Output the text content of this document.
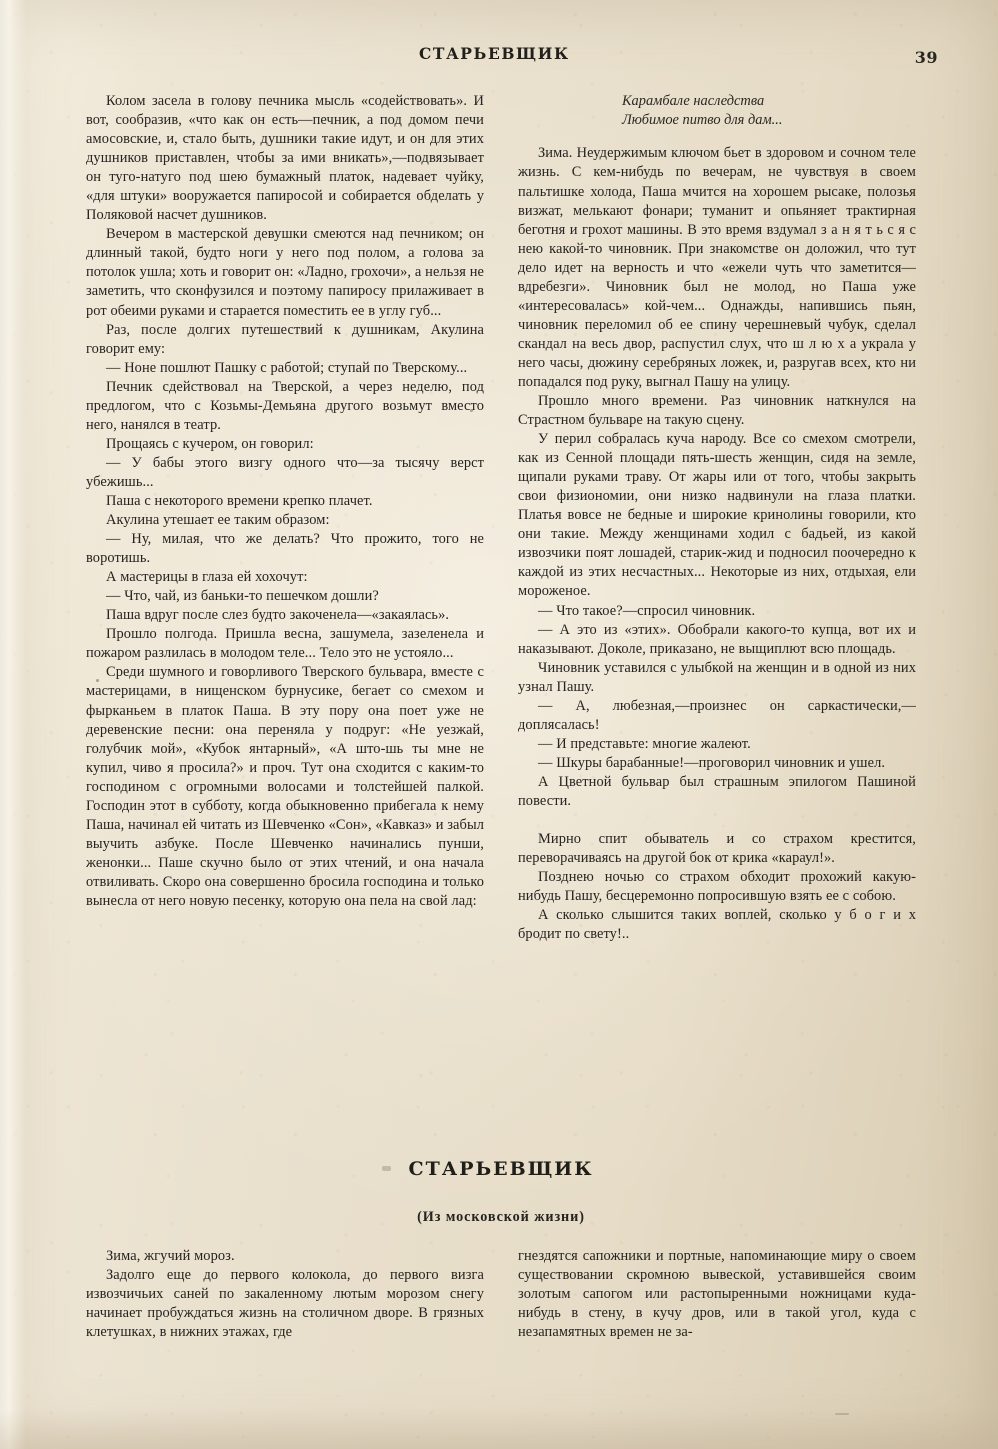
СТАРЬЕВЩИК	39

Колом засела в голову печника мысль «содействовать». И вот, сообразив, «что как он есть—печник, а под домом печи амосовские, и, стало быть, душники такие идут, и он для этих душников приставлен, чтобы за ими вникать»,—подвязывает он туго-натуго под шею бумажный платок, надевает чуйку, «для штуки» вооружается папиросой и собирается обделать у Поляковой насчет душников.

Вечером в мастерской девушки смеются над печником; он длинный такой, будто ноги у него под полом, а голова за потолок ушла; хоть и говорит он: «Ладно, грохочи», а нельзя не заметить, что сконфузился и поэтому папиросу прилаживает в рот обеими руками и старается поместить ее в углу губ...

Раз, после долгих путешествий к душникам, Акулина говорит ему:

— Ноне пошлют Пашку с работой; ступай по Тверскому...

Печник сдействовал на Тверской, а через неделю, под предлогом, что с Козьмы-Демьяна другого возьмут вместо него, нанялся в театр.

Прощаясь с кучером, он говорил:

— У бабы этого визгу одного что—за тысячу верст убежишь...

Паша с некоторого времени крепко плачет.

Акулина утешает ее таким образом:

— Ну, милая, что же делать? Что прожито, того не воротишь.

А мастерицы в глаза ей хохочут:

— Что, чай, из баньки-то пешечком дошли?

Паша вдруг после слез будто закоченела—«закаялась».

Прошло полгода. Пришла весна, зашумела, зазеленела и пожаром разлилась в молодом теле... Тело это не устояло...

Среди шумного и говорливого Тверского бульвара, вместе с мастерицами, в нищенском бурнусике, бегает со смехом и фырканьем в платок Паша. В эту пору она поет уже не деревенские песни: она переняла у подруг: «Не уезжай, голубчик мой», «Кубок янтарный», «А што-шь ты мне не купил, чиво я просила?» и проч. Тут она сходится с каким-то господином с огромными волосами и толстейшей палкой. Господин этот в субботу, когда обыкновенно прибегала к нему Паша, начинал ей читать из Шевченко «Сон», «Кавказ» и забыл выучить азбуке. После Шевченко начинались пунши, женонки... Паше скучно было от этих чтений, и она начала отвиливать. Скоро она совершенно бросила господина и только вынесла от него новую песенку, которую она пела на свой лад:

Карамбале наследства
Любимое питво для дам...

Зима. Неудержимым ключом бьет в здоровом и сочном теле жизнь. С кем-нибудь по вечерам, не чувствуя в своем пальтишке холода, Паша мчится на хорошем рысаке, полозья визжат, мелькают фонари; туманит и опьяняет трактирная беготня и грохот машины. В это время вздумал з а н я т ь с я с нею какой-то чиновник. При знакомстве он доложил, что тут дело идет на верность и что «ежели чуть что заметится—вдребезги». Чиновник был не молод, но Паша уже «интересовалась» кой-чем... Однажды, напившись пьян, чиновник переломил об ее спину черешневый чубук, сделал скандал на весь двор, распустил слух, что ш л ю х а украла у него часы, дюжину серебряных ложек, и, разругав всех, кто ни попадался под руку, выгнал Пашу на улицу.

Прошло много времени. Раз чиновник наткнулся на Страстном бульваре на такую сцену.

У перил собралась куча народу. Все со смехом смотрели, как из Сенной площади пять-шесть женщин, сидя на земле, щипали руками траву. От жары или от того, чтобы закрыть свои физиономии, они низко надвинули на глаза платки. Платья вовсе не бедные и широкие кринолины говорили, кто они такие. Между женщинами ходил с бадьей, из какой извозчики поят лошадей, старик-жид и подносил поочередно к каждой из этих несчастных... Некоторые из них, отдыхая, ели мороженое.

— Что такое?—спросил чиновник.

— А это из «этих». Обобрали какого-то купца, вот их и наказывают. Доколе, приказано, не выщиплют всю площадь.

Чиновник уставился с улыбкой на женщин и в одной из них узнал Пашу.

— А, любезная,—произнес он саркастически,—доплясалась!

— И представьте: многие жалеют.

— Шкуры барабанные!—проговорил чиновник и ушел.

А Цветной бульвар был страшным эпилогом Пашиной повести.

Мирно спит обыватель и со страхом крестится, переворачиваясь на другой бок от крика «караул!».

Позднею ночью со страхом обходит прохожий какую-нибудь Пашу, бесцеремонно попросившую взять ее с собою.

А сколько слышится таких воплей, сколько у б о г и х бродит по свету!..

СТАРЬЕВЩИК
(Из московской жизни)

Зима, жгучий мороз.

Задолго еще до первого колокола, до первого визга извозчичьих саней по закаленному лютым морозом снегу начинает пробуждаться жизнь на столичном дворе. В грязных клетушках, в нижних этажах, где

гнездятся сапожники и портные, напоминающие миру о своем существовании скромною вывеской, уставившейся своим золотым сапогом или растопыренными ножницами куда-нибудь в стену, в кучу дров, или в такой угол, куда с незапамятных времен не за-
